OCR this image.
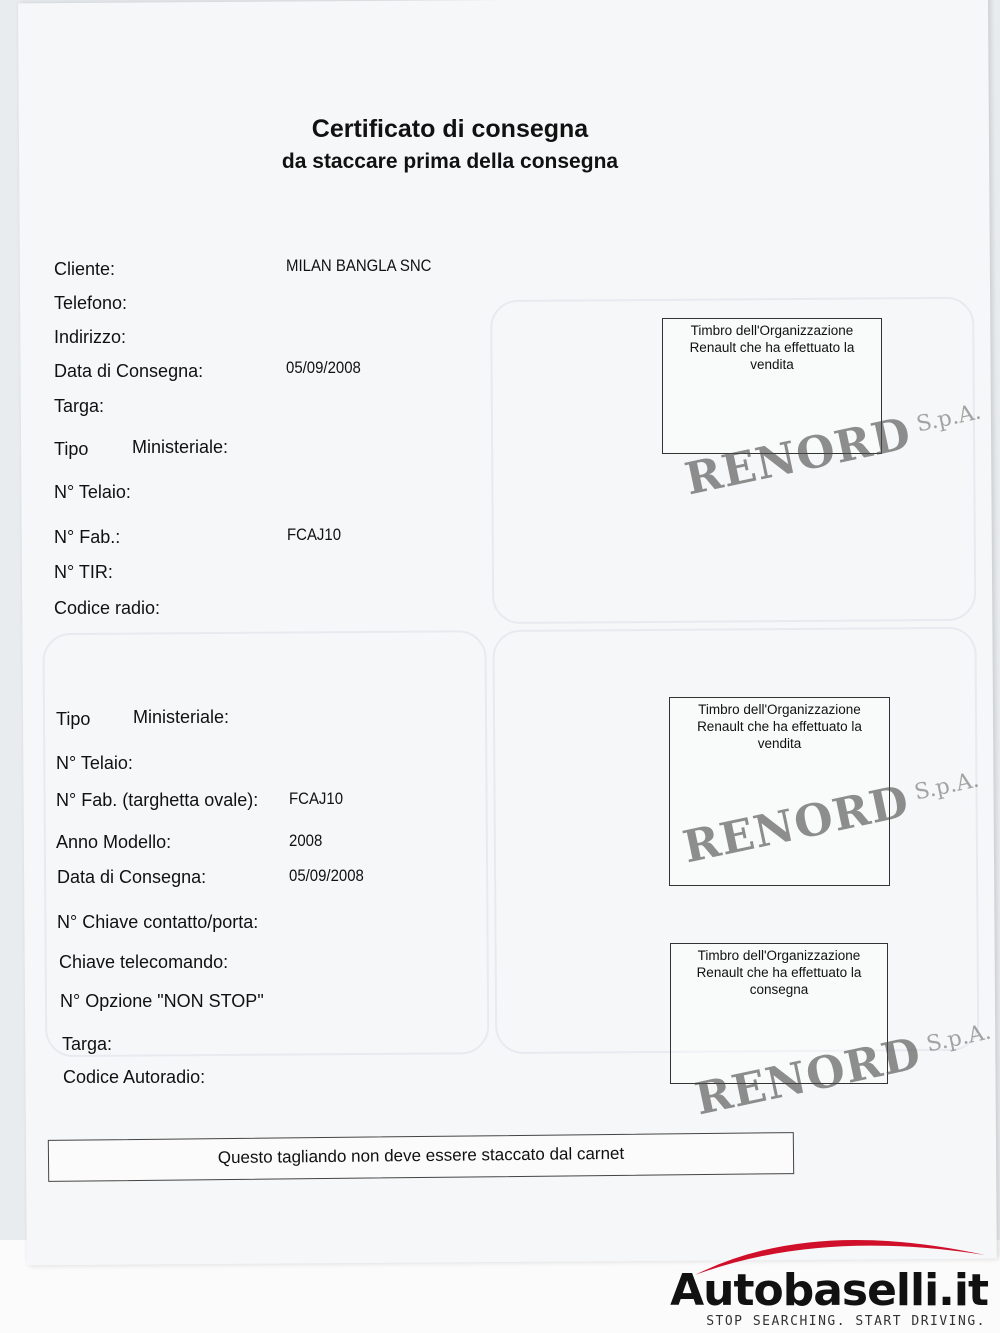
Certificato di consegna
da staccare prima della consegna
Cliente:	MILAN BANGLA SNC
Telefono:
Indirizzo:
Data di Consegna:	05/09/2008
Targa:
Tipo Ministeriale:
N° Telaio:
N° Fab.:	FCAJ10
N° TIR:
Codice radio:
Tipo Ministeriale:
N° Telaio:
N° Fab. (targhetta ovale): FCAJ10
Anno Modello:	2008
Data di Consegna:	05/09/2008
N° Chiave contatto/porta:
Chiave telecomando:
N° Opzione "NON STOP"
Targa:
Codice Autoradio:
Timbro dell'Organizzazione
Renault che ha effettuato la
vendita
RENORDS.p.A.
Timbro dell'Organizzazione
Renault che ha effettuato la
vendita
RENORDS.p.A.
Timbro dell'Organizzazione
Renault che ha effettuato la
consegna
RENORDS.p.A.
Questo tagliando non deve essere staccato dal carnet
Autobaselli.it
STOP SEARCHING. START DRIVING.
